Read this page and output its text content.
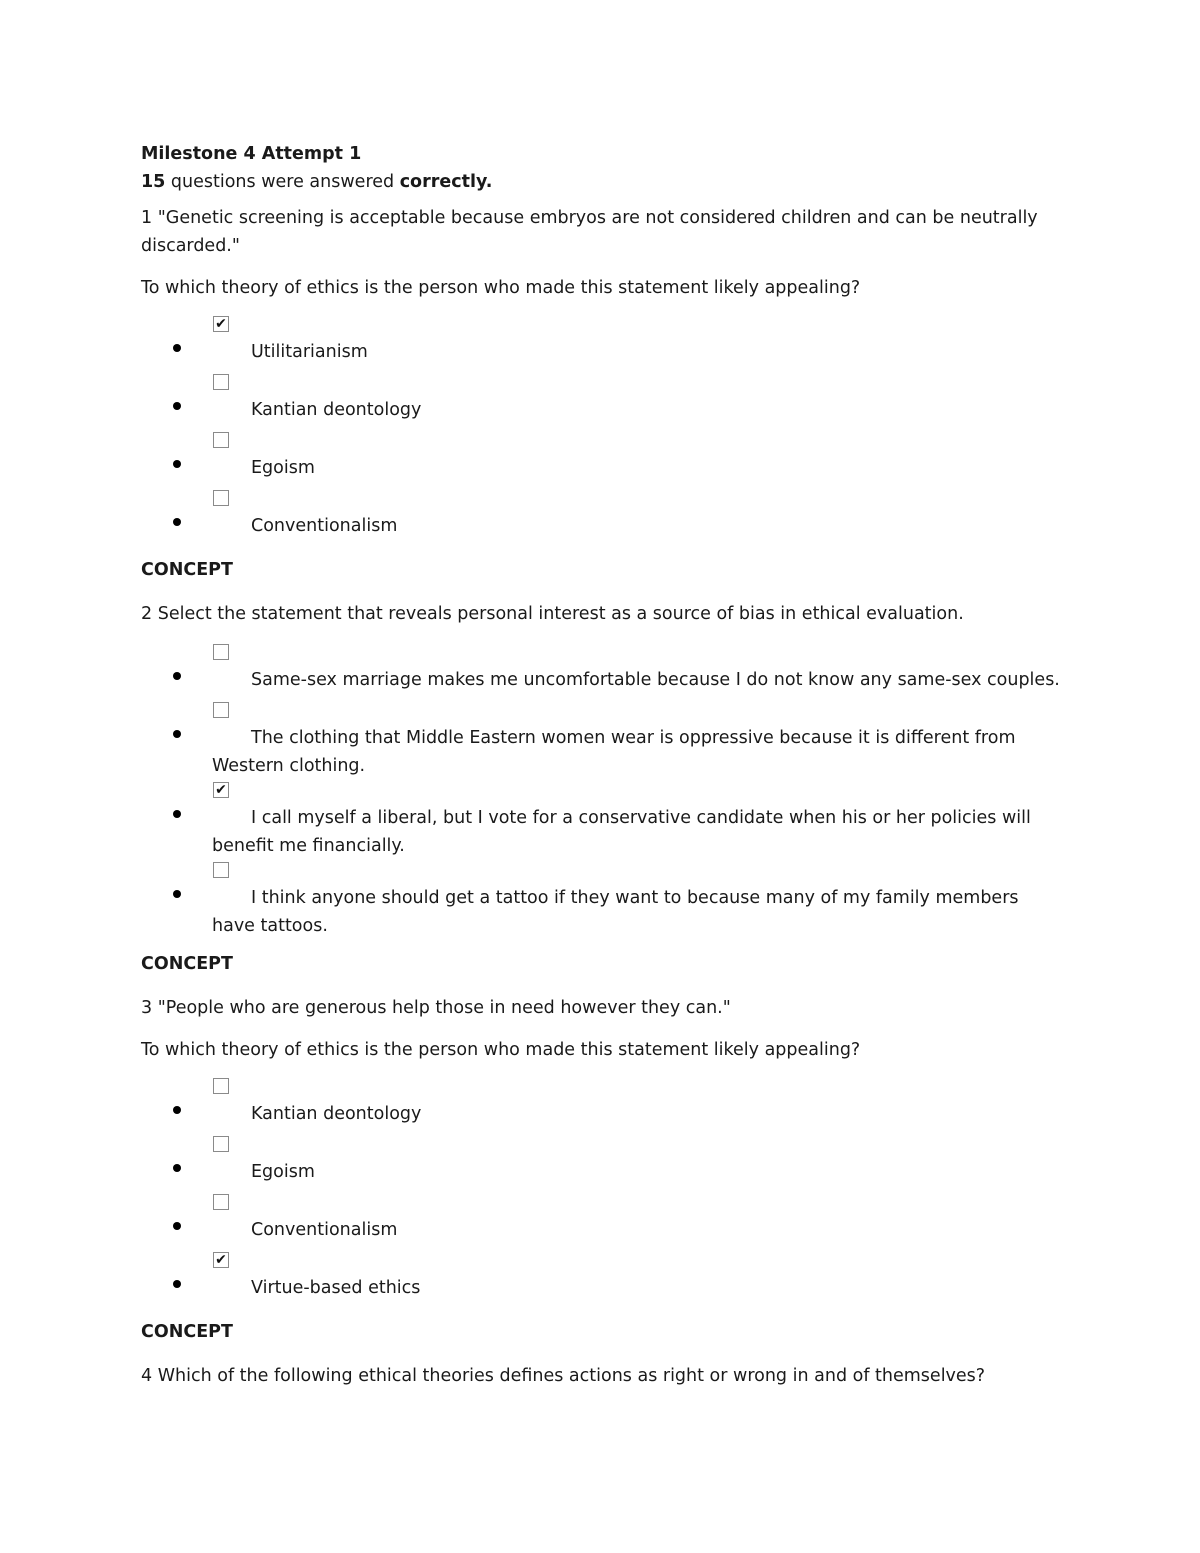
Milestone 4 Attempt 1

15 questions were answered correctly.

1 "Genetic screening is acceptable because embryos are not considered children and can be neutrally discarded."

To which theory of ethics is the person who made this statement likely appealing?

✔
Utilitarianism
Kantian deontology
Egoism
Conventionalism

CONCEPT

2 Select the statement that reveals personal interest as a source of bias in ethical evaluation.

Same-sex marriage makes me uncomfortable because I do not know any same-sex couples.
The clothing that Middle Eastern women wear is oppressive because it is different from Western clothing.
✔
I call myself a liberal, but I vote for a conservative candidate when his or her policies will benefit me financially.
I think anyone should get a tattoo if they want to because many of my family members have tattoos.

CONCEPT

3 "People who are generous help those in need however they can."

To which theory of ethics is the person who made this statement likely appealing?

Kantian deontology
Egoism
Conventionalism
✔
Virtue-based ethics

CONCEPT

4 Which of the following ethical theories defines actions as right or wrong in and of themselves?
